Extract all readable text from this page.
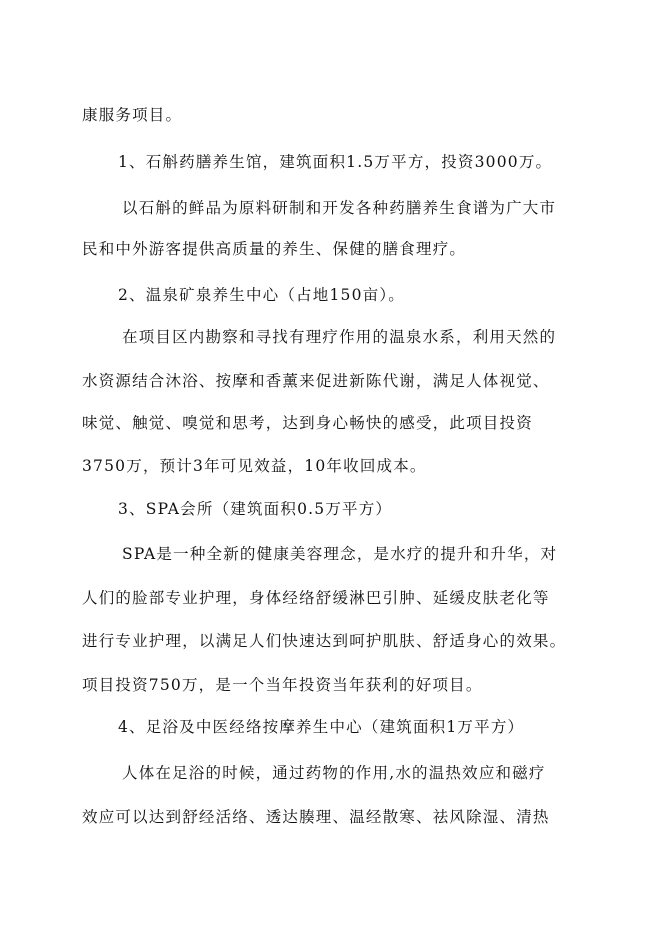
康服务项目。
1、石斛药膳养生馆，建筑面积1.5万平方，投资3000万。
以石斛的鲜品为原料研制和开发各种药膳养生食谱为广大市
民和中外游客提供高质量的养生、保健的膳食理疗。
2、温泉矿泉养生中心（占地150亩）。
在项目区内勘察和寻找有理疗作用的温泉水系，利用天然的
水资源结合沐浴、按摩和香薰来促进新陈代谢，满足人体视觉、
味觉、触觉、嗅觉和思考，达到身心畅快的感受，此项目投资
3750万，预计3年可见效益，10年收回成本。
3、SPA会所（建筑面积0.5万平方）
SPA是一种全新的健康美容理念，是水疗的提升和升华，对
人们的脸部专业护理，身体经络舒缓淋巴引肿、延缓皮肤老化等
进行专业护理，以满足人们快速达到呵护肌肤、舒适身心的效果。
项目投资750万，是一个当年投资当年获利的好项目。
4、足浴及中医经络按摩养生中心（建筑面积1万平方）
人体在足浴的时候，通过药物的作用,水的温热效应和磁疗
效应可以达到舒经活络、透达腠理、温经散寒、祛风除湿、清热
